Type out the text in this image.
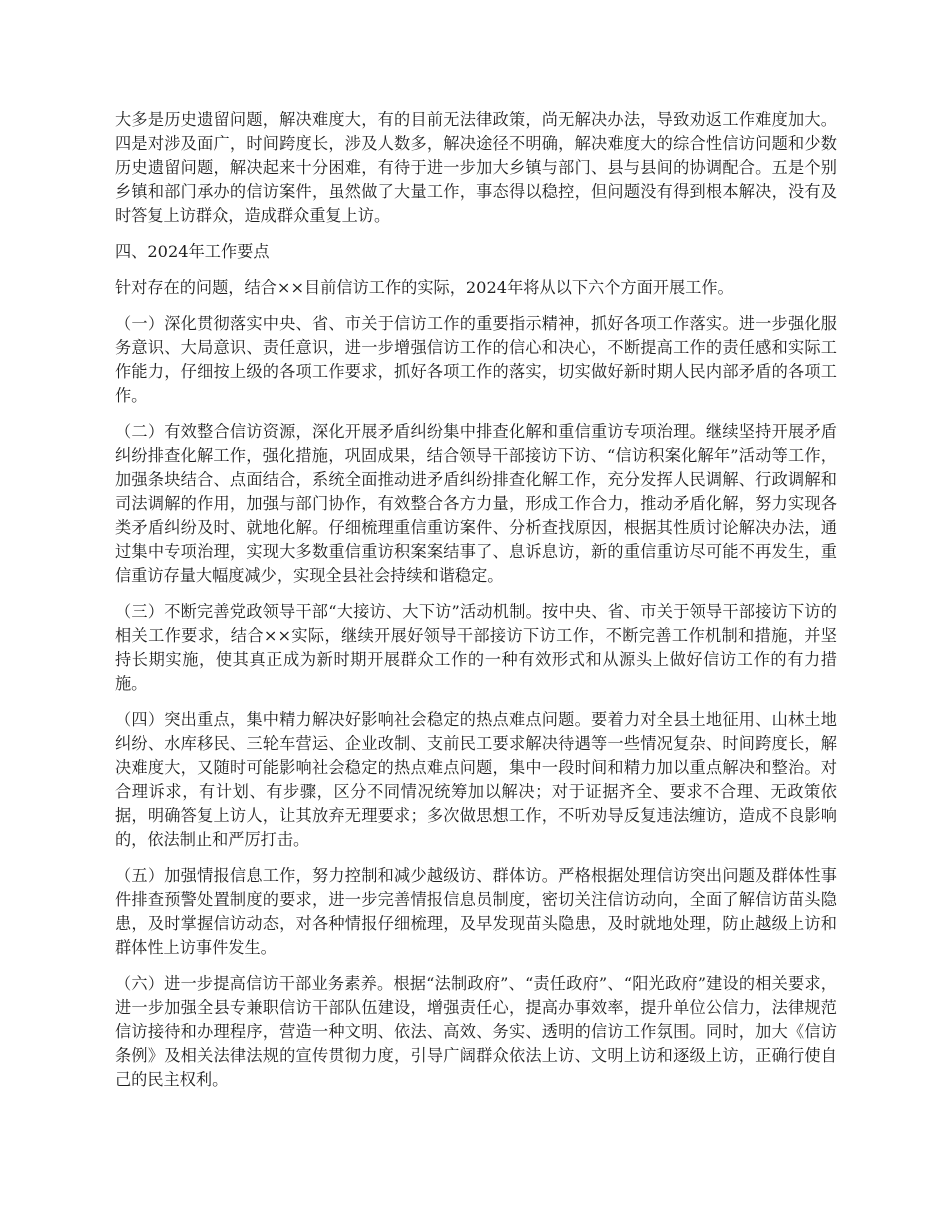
大多是历史遗留问题，解决难度大，有的目前无法律政策，尚无解决办法，导致劝返工作难度加大。四是对涉及面广，时间跨度长，涉及人数多，解决途径不明确，解决难度大的综合性信访问题和少数历史遗留问题，解决起来十分困难，有待于进一步加大乡镇与部门、县与县间的协调配合。五是个别乡镇和部门承办的信访案件，虽然做了大量工作，事态得以稳控，但问题没有得到根本解决，没有及时答复上访群众，造成群众重复上访。

四、2024年工作要点

针对存在的问题，结合××目前信访工作的实际，2024年将从以下六个方面开展工作。

（一）深化贯彻落实中央、省、市关于信访工作的重要指示精神，抓好各项工作落实。进一步强化服务意识、大局意识、责任意识，进一步增强信访工作的信心和决心，不断提高工作的责任感和实际工作能力，仔细按上级的各项工作要求，抓好各项工作的落实，切实做好新时期人民内部矛盾的各项工作。

（二）有效整合信访资源，深化开展矛盾纠纷集中排查化解和重信重访专项治理。继续坚持开展矛盾纠纷排查化解工作，强化措施，巩固成果，结合领导干部接访下访、“信访积案化解年”活动等工作，加强条块结合、点面结合，系统全面推动进矛盾纠纷排查化解工作，充分发挥人民调解、行政调解和司法调解的作用，加强与部门协作，有效整合各方力量，形成工作合力，推动矛盾化解，努力实现各类矛盾纠纷及时、就地化解。仔细梳理重信重访案件、分析查找原因，根据其性质讨论解决办法，通过集中专项治理，实现大多数重信重访积案案结事了、息诉息访，新的重信重访尽可能不再发生，重信重访存量大幅度减少，实现全县社会持续和谐稳定。

（三）不断完善党政领导干部“大接访、大下访”活动机制。按中央、省、市关于领导干部接访下访的相关工作要求，结合××实际，继续开展好领导干部接访下访工作，不断完善工作机制和措施，并坚持长期实施，使其真正成为新时期开展群众工作的一种有效形式和从源头上做好信访工作的有力措施。

（四）突出重点，集中精力解决好影响社会稳定的热点难点问题。要着力对全县土地征用、山林土地纠纷、水库移民、三轮车营运、企业改制、支前民工要求解决待遇等一些情况复杂、时间跨度长，解决难度大，又随时可能影响社会稳定的热点难点问题，集中一段时间和精力加以重点解决和整治。对合理诉求，有计划、有步骤，区分不同情况统筹加以解决；对于证据齐全、要求不合理、无政策依据，明确答复上访人，让其放弃无理要求；多次做思想工作，不听劝导反复违法缠访，造成不良影响的，依法制止和严厉打击。

（五）加强情报信息工作，努力控制和减少越级访、群体访。严格根据处理信访突出问题及群体性事件排查预警处置制度的要求，进一步完善情报信息员制度，密切关注信访动向，全面了解信访苗头隐患，及时掌握信访动态，对各种情报仔细梳理，及早发现苗头隐患，及时就地处理，防止越级上访和群体性上访事件发生。

（六）进一步提高信访干部业务素养。根据“法制政府”、“责任政府”、“阳光政府”建设的相关要求，进一步加强全县专兼职信访干部队伍建设，增强责任心，提高办事效率，提升单位公信力，法律规范信访接待和办理程序，营造一种文明、依法、高效、务实、透明的信访工作氛围。同时，加大《信访条例》及相关法律法规的宣传贯彻力度，引导广阔群众依法上访、文明上访和逐级上访，正确行使自己的民主权利。
